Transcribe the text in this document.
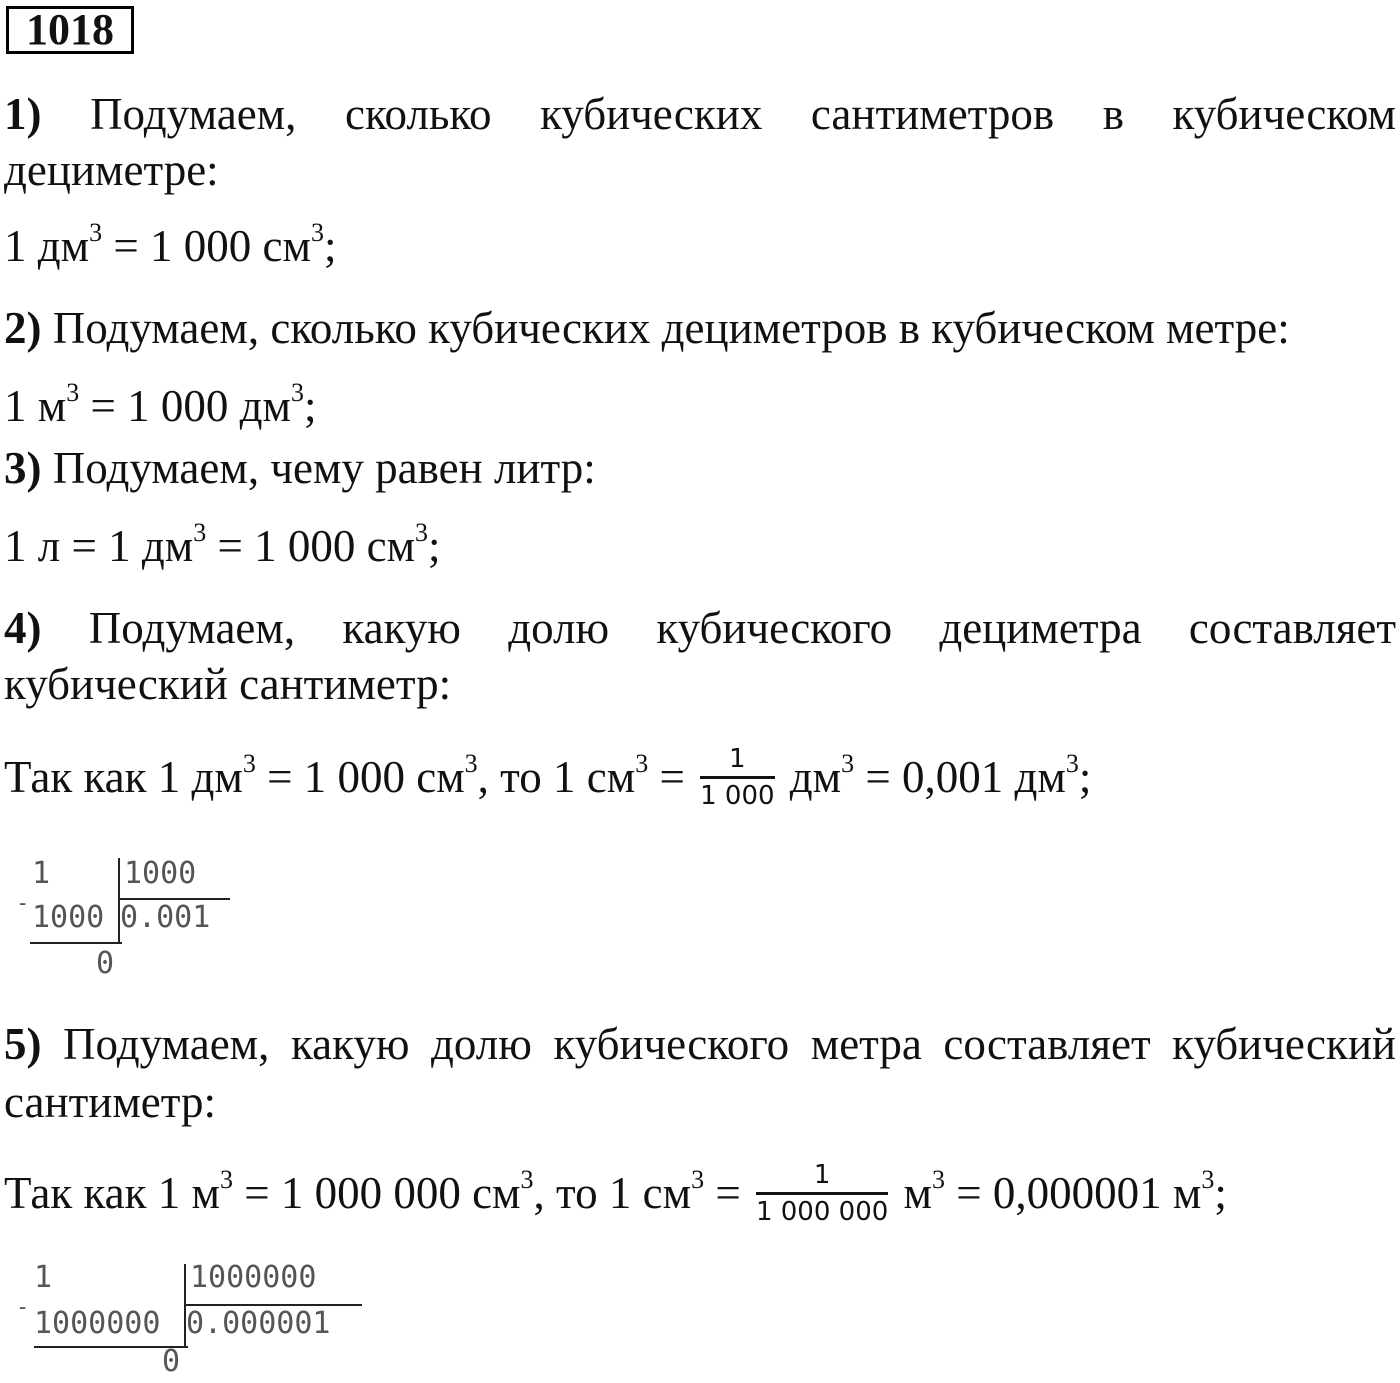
1018
1) Подумаем, сколько кубических сантиметров в кубическом
дециметре:
1 $дм^3 = 1$ 000 $см^3$;
2) Подумаем, сколько кубических дециметров в кубическом метре:
1 $м^3 = 1$ 000 $дм^3$;
3) Подумаем, чему равен литр:
1 л = 1 $дм^3 = 1$ 000 $см^3$;
4) Подумаем, какую долю кубического дециметра составляет
кубический сантиметр:
Так как 1 $дм^3 = 1$ 000 $см^3$, то 1 $см^3 = \frac{1}{1 000} дм^3 = 0,001$ $дм^3$;
1 1000
- 1000 0.001
0
5) Подумаем, какую долю кубического метра составляет кубический
сантиметр:
Так как 1 $м^3 = 1$ 000 000 $см^3$, то 1 $см^3 = \frac{1}{1 000 000} м^3 = 0,000001$ $м^3$;
1	1000000
- 1000000 0.000001
0
